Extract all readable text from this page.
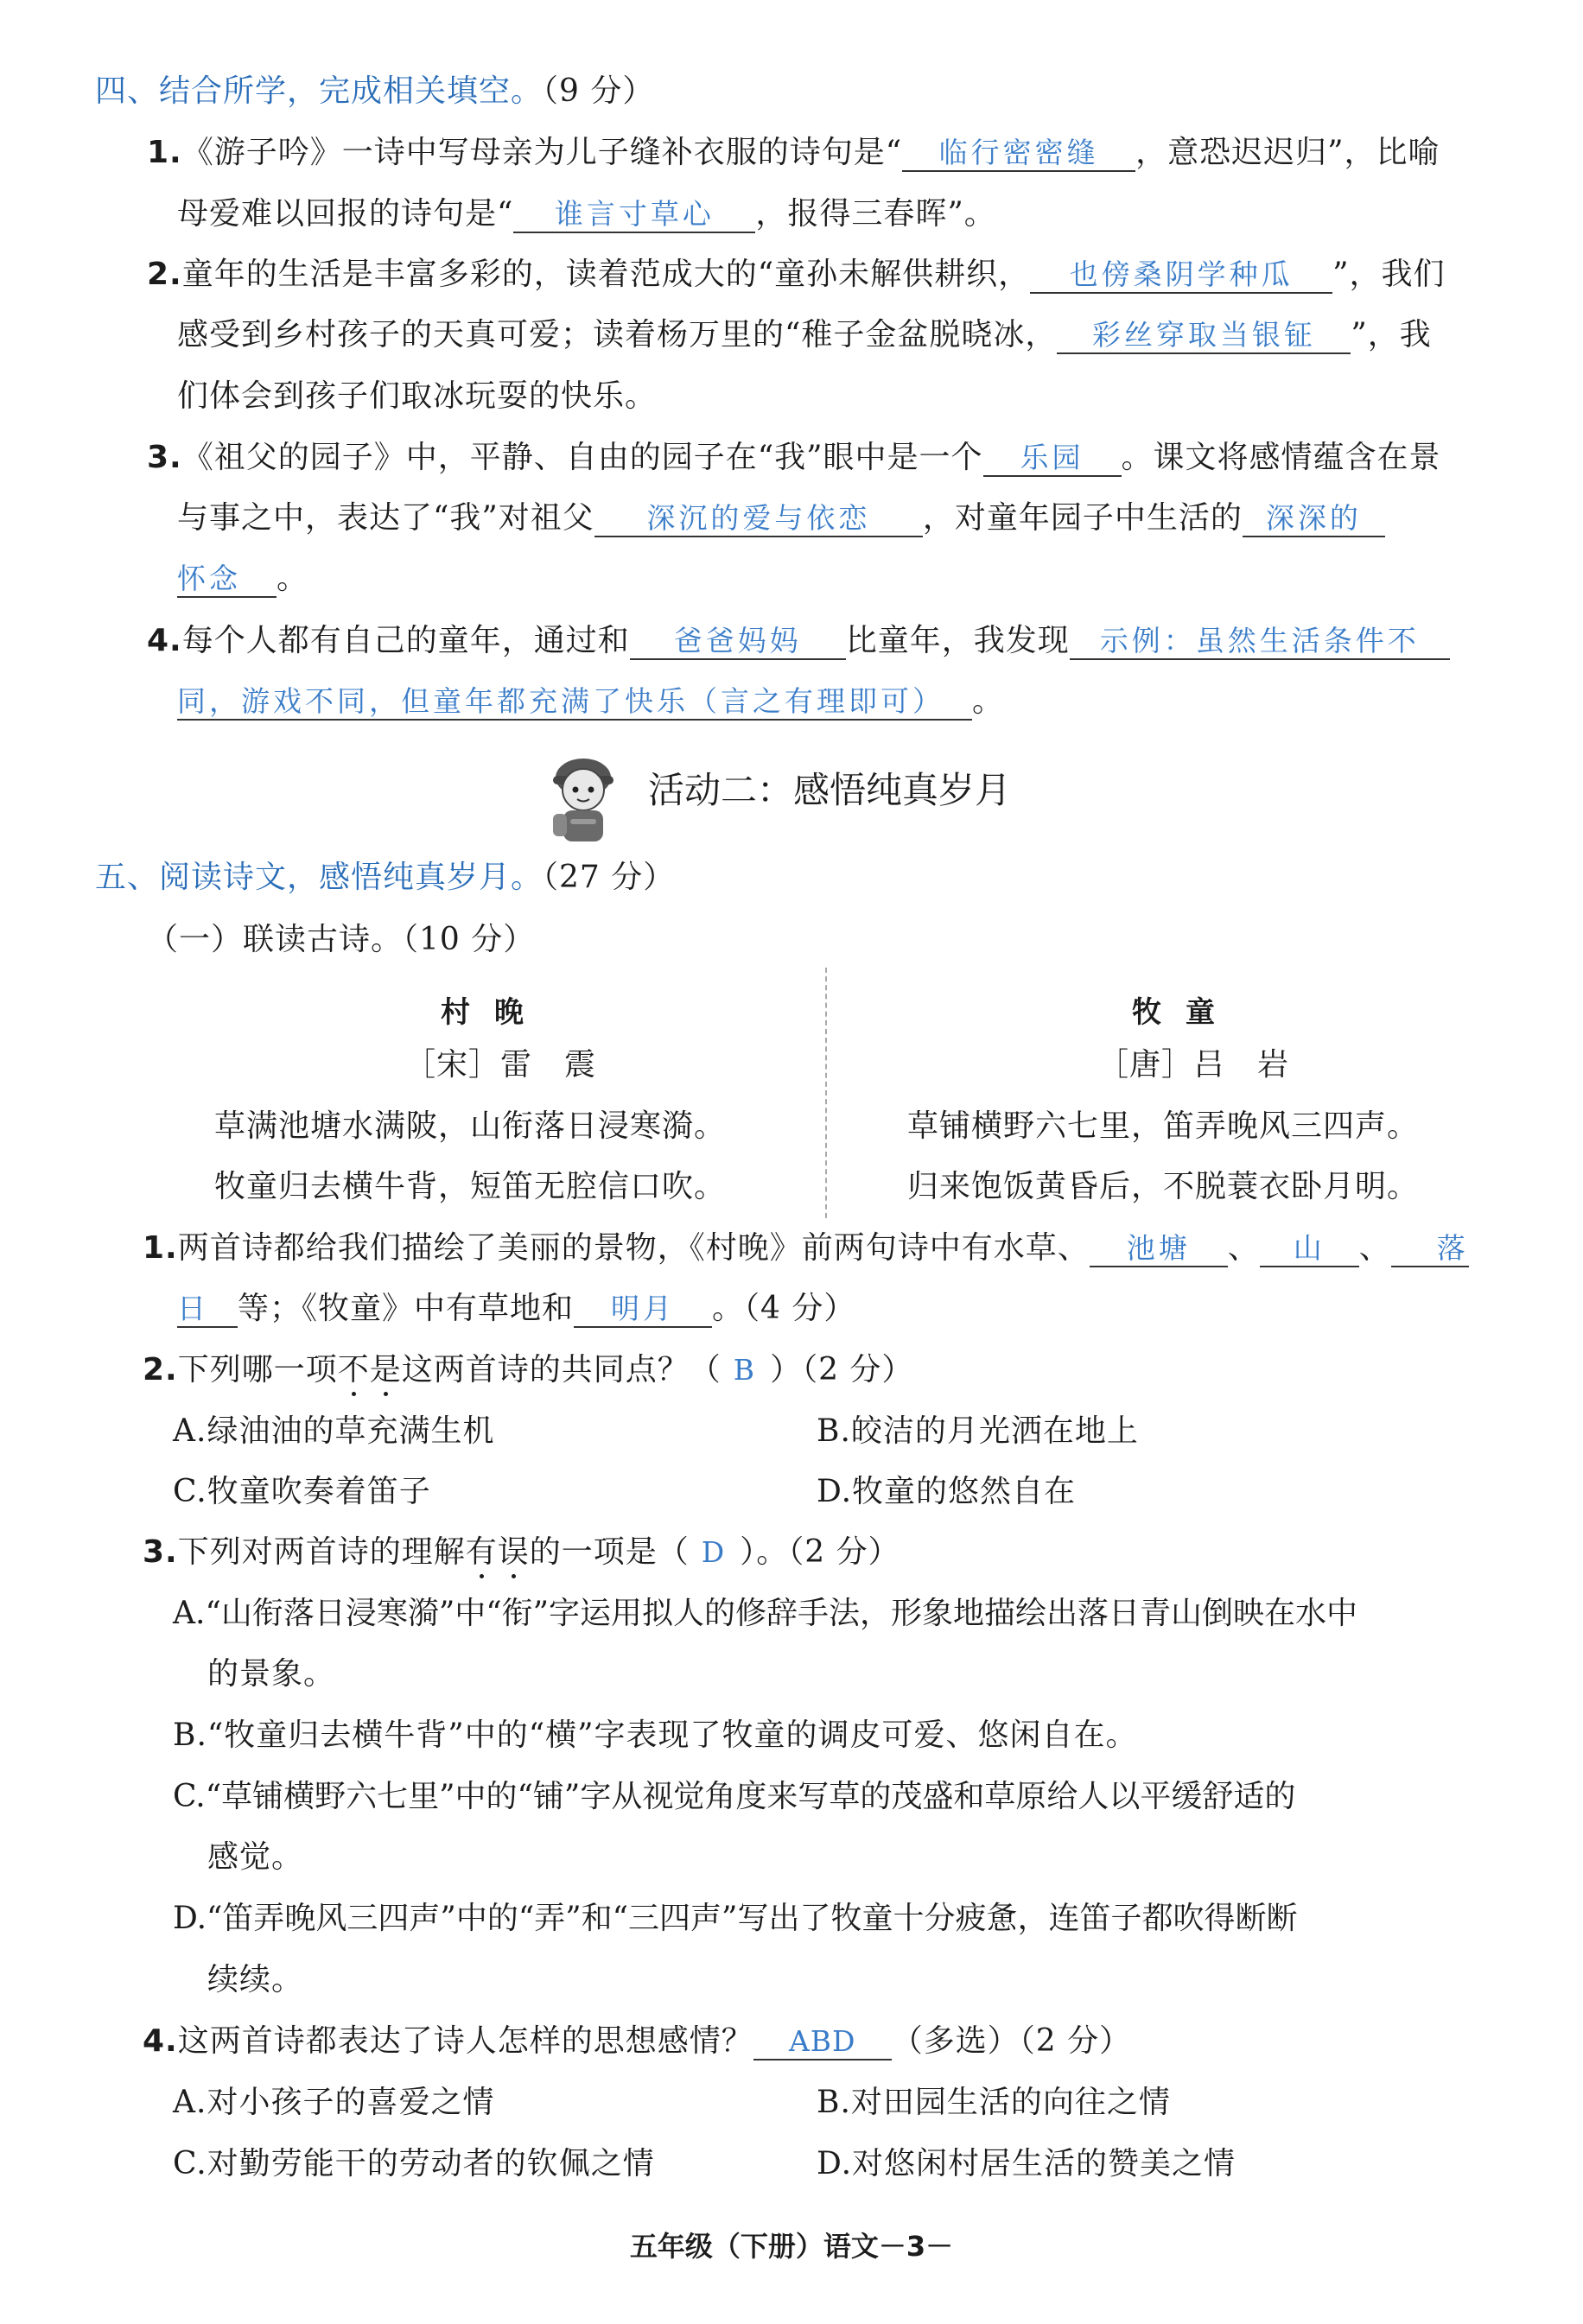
四、结合所学，完成相关填空。（9 分）
1.《游子吟》一诗中写母亲为儿子缝补衣服的诗句是“ 临行密密缝 ，意恐迟迟归”，比喻
母爱难以回报的诗句是“ 谁言寸草心 ，报得三春晖”。
2.童年的生活是丰富多彩的，读着范成大的“童孙未解供耕织， 也傍桑阴学种瓜 ”，我们
感受到乡村孩子的天真可爱；读着杨万里的“稚子金盆脱晓冰， 彩丝穿取当银钲 ”，我
们体会到孩子们取冰玩耍的快乐。
3.《祖父的园子》中，平静、自由的园子在“我”眼中是一个 乐园 。课文将感情蕴含在景
与事之中，表达了“我”对祖父 深沉的爱与依恋 ，对童年园子中生活的 深深的
怀念 。
4.每个人都有自己的童年，通过和 爸爸妈妈 比童年，我发现 示例：虽然生活条件不
同，游戏不同，但童年都充满了快乐（言之有理即可） 。
活动二：感悟纯真岁月
五、阅读诗文，感悟纯真岁月。（27 分）
（一）联读古诗。（10 分）
村晚
［宋］雷　震
草满池塘水满陂，山衔落日浸寒漪。
牧童归去横牛背，短笛无腔信口吹。
牧童
［唐］吕　岩
草铺横野六七里，笛弄晚风三四声。
归来饱饭黄昏后，不脱蓑衣卧月明。
1.两首诗都给我们描绘了美丽的景物，《村晚》前两句诗中有水草、 池塘 、 山 、 落
日 等；《牧童》中有草地和 明月 。（4 分）
2.下列哪一项不是这两首诗的共同点？（ B ）（2 分）
A.绿油油的草充满生机	B.皎洁的月光洒在地上
C.牧童吹奏着笛子	D.牧童的悠然自在
3.下列对两首诗的理解有误的一项是（ D ）。（2 分）
A.“山衔落日浸寒漪”中“衔”字运用拟人的修辞手法，形象地描绘出落日青山倒映在水中
的景象。
B.“牧童归去横牛背”中的“横”字表现了牧童的调皮可爱、悠闲自在。
C.“草铺横野六七里”中的“铺”字从视觉角度来写草的茂盛和草原给人以平缓舒适的
感觉。
D.“笛弄晚风三四声”中的“弄”和“三四声”写出了牧童十分疲惫，连笛子都吹得断断
续续。
4.这两首诗都表达了诗人怎样的思想感情？ ABD （多选）（2 分）
A.对小孩子的喜爱之情	B.对田园生活的向往之情
C.对勤劳能干的劳动者的钦佩之情	D.对悠闲村居生活的赞美之情
五年级（下册）语文－3－
